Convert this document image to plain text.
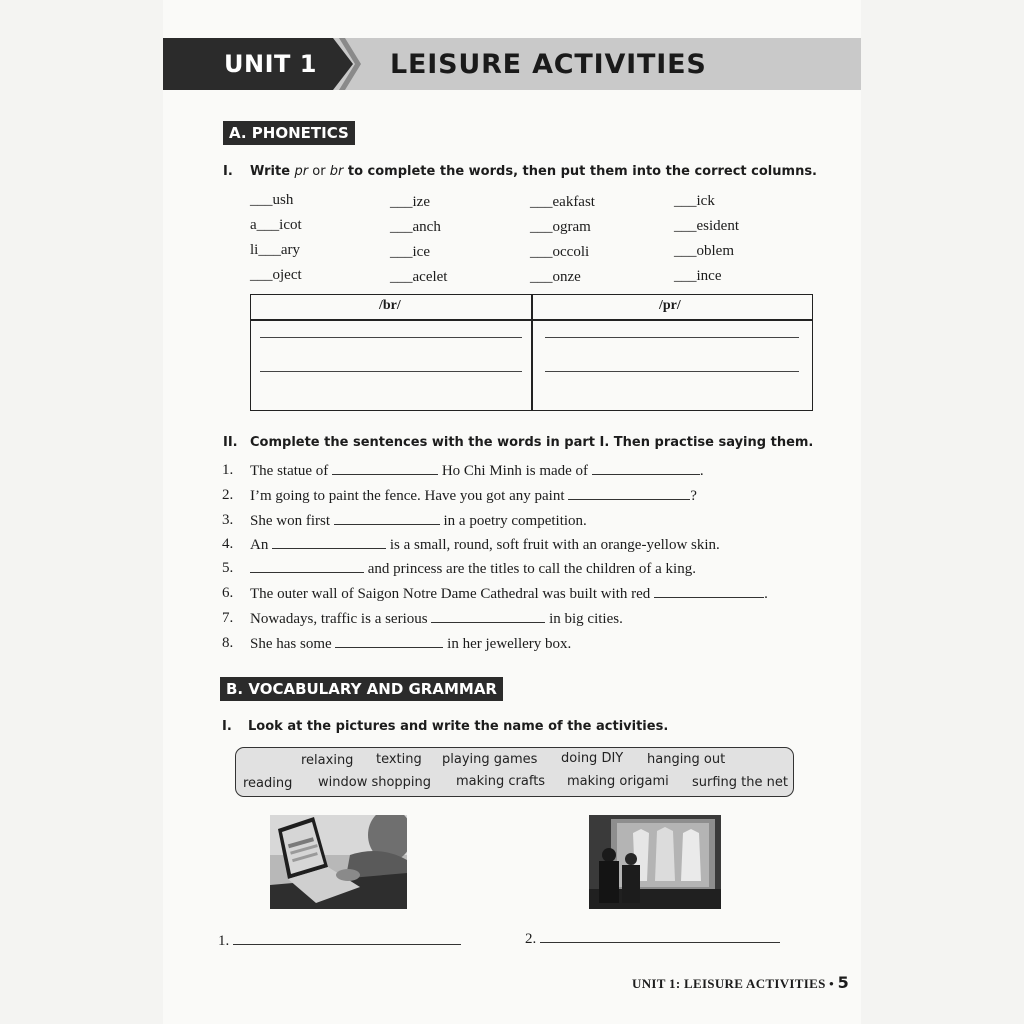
UNIT 1	LEISURE ACTIVITIES
A. PHONETICS
I. Write pr or br to complete the words, then put them into the correct columns.
___ush	___ize	___eakfast	___ick
a___icot	___anch	___ogram	___esident
li___ary	___ice	___occoli	___oblem
___oject	___acelet	___onze	___ince
/br/	/pr/
II. Complete the sentences with the words in part I. Then practise saying them.
1. The statue of	Ho Chi Minh is made of	.
2. I’m going to paint the fence. Have you got any paint	?
3. She won first	in a poetry competition.
4. An	is a small, round, soft fruit with an orange-yellow skin.
5.	and princess are the titles to call the children of a king.
6. The outer wall of Saigon Notre Dame Cathedral was built with red	.
7. Nowadays, traffic is a serious	in big cities.
8. She has some	in her jewellery box.
B. VOCABULARY AND GRAMMAR
I. Look at the pictures and write the name of the activities.
relaxing texting playing games doing DIY hanging out
reading window shopping making crafts making origami surfing the net
1.	2.
UNIT 1: LEISURE ACTIVITIES • 5
